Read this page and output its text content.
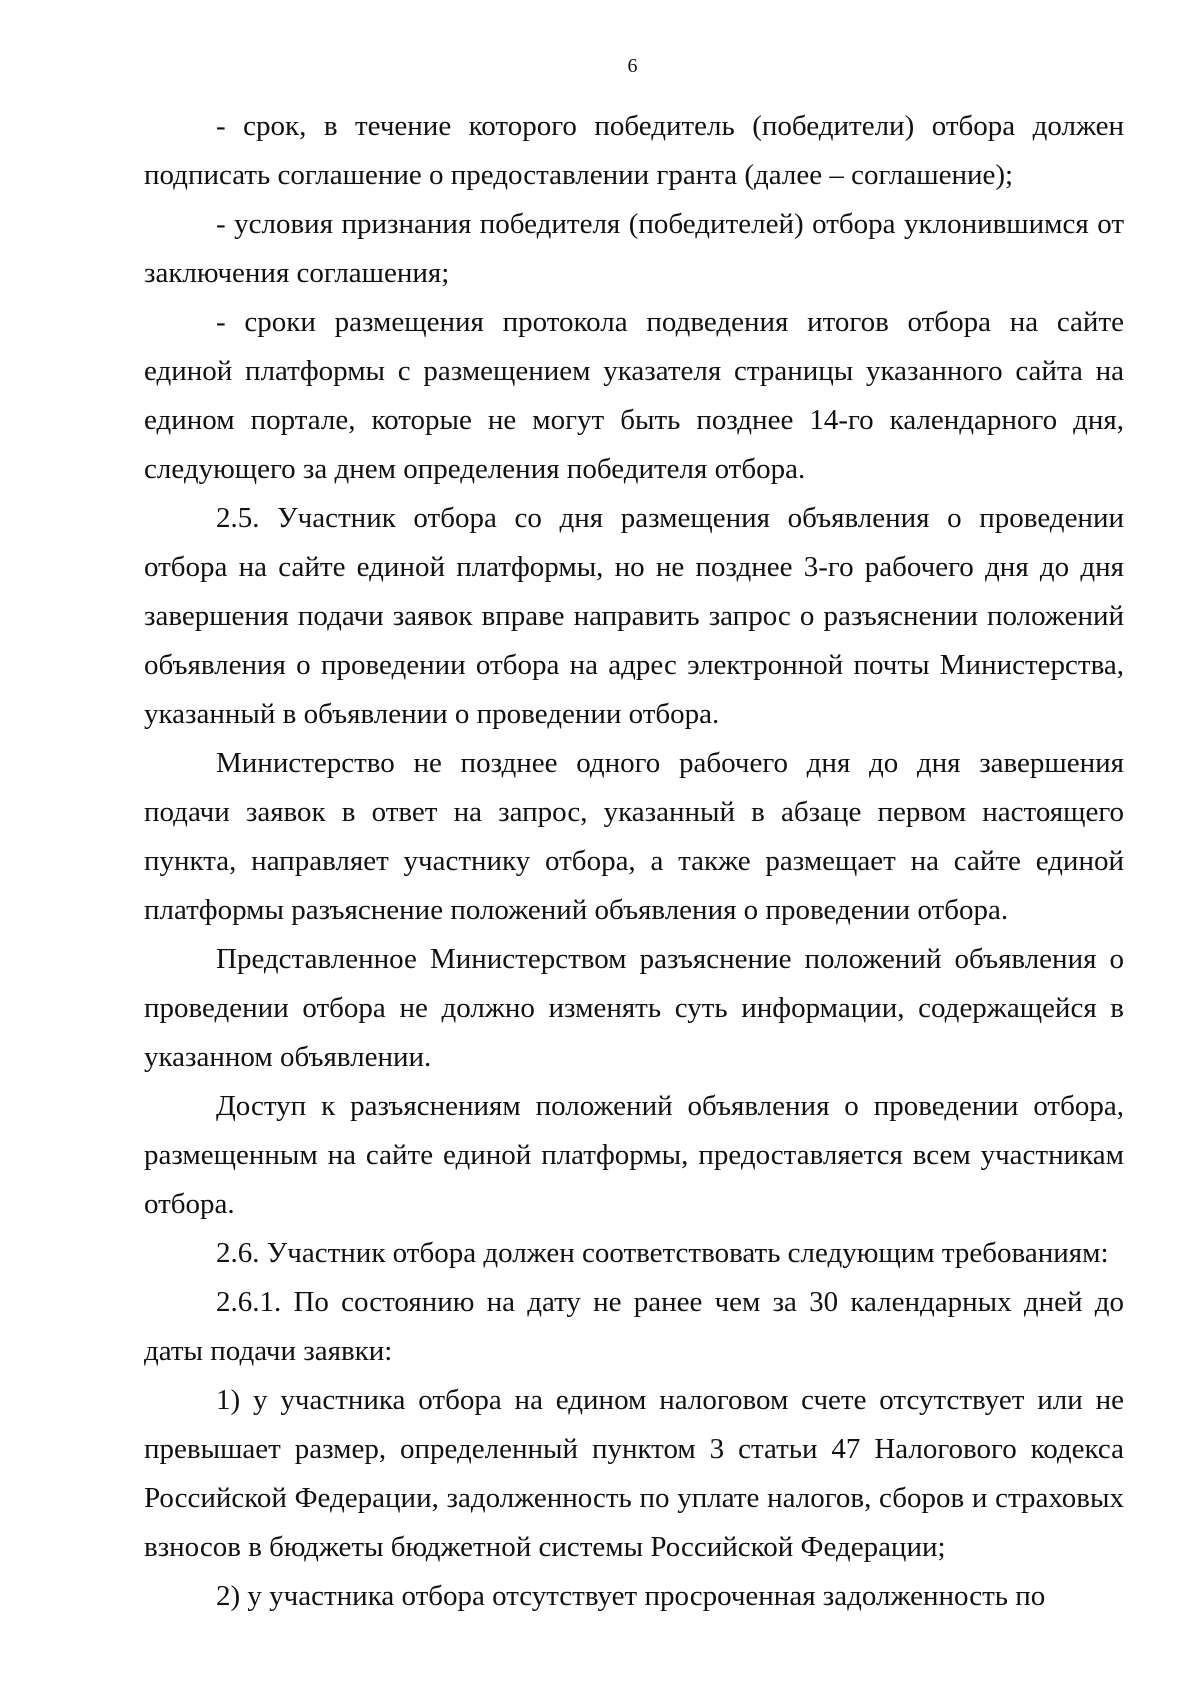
6

- срок, в течение которого победитель (победители) отбора должен подписать соглашение о предоставлении гранта (далее – соглашение);

- условия признания победителя (победителей) отбора уклонившимся от заключения соглашения;

- сроки размещения протокола подведения итогов отбора на сайте единой платформы с размещением указателя страницы указанного сайта на едином портале, которые не могут быть позднее 14-го календарного дня, следующего за днем определения победителя отбора.

2.5. Участник отбора со дня размещения объявления о проведении отбора на сайте единой платформы, но не позднее 3-го рабочего дня до дня завершения подачи заявок вправе направить запрос о разъяснении положений объявления о проведении отбора на адрес электронной почты Министерства, указанный в объявлении о проведении отбора.

Министерство не позднее одного рабочего дня до дня завершения подачи заявок в ответ на запрос, указанный в абзаце первом настоящего пункта, направляет участнику отбора, а также размещает на сайте единой платформы разъяснение положений объявления о проведении отбора.

Представленное Министерством разъяснение положений объявления о проведении отбора не должно изменять суть информации, содержащейся в указанном объявлении.

Доступ к разъяснениям положений объявления о проведении отбора, размещенным на сайте единой платформы, предоставляется всем участникам отбора.

2.6. Участник отбора должен соответствовать следующим требованиям:

2.6.1. По состоянию на дату не ранее чем за 30 календарных дней до даты подачи заявки:

1) у участника отбора на едином налоговом счете отсутствует или не превышает размер, определенный пунктом 3 статьи 47 Налогового кодекса Российской Федерации, задолженность по уплате налогов, сборов и страховых взносов в бюджеты бюджетной системы Российской Федерации;

2) у участника отбора отсутствует просроченная задолженность по
